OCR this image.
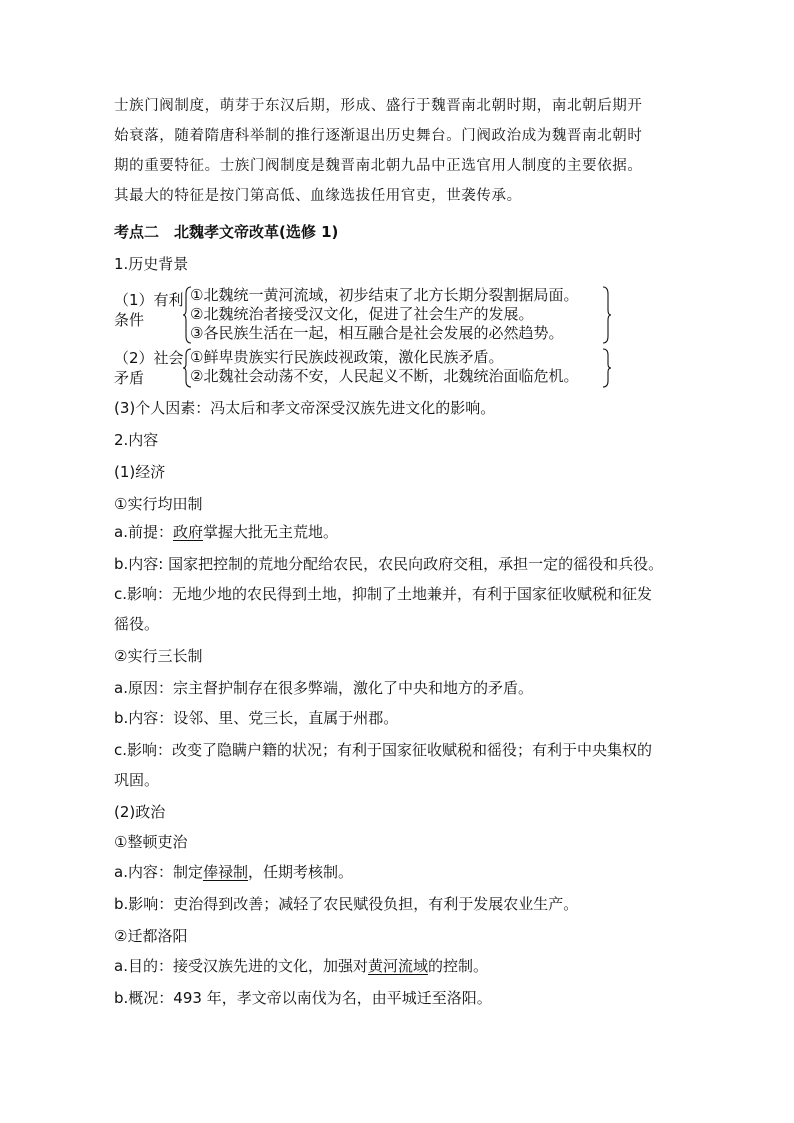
士族门阀制度，萌芽于东汉后期，形成、盛行于魏晋南北朝时期，南北朝后期开
始衰落，随着隋唐科举制的推行逐渐退出历史舞台。门阀政治成为魏晋南北朝时
期的重要特征。士族门阀制度是魏晋南北朝九品中正选官用人制度的主要依据。
其最大的特征是按门第高低、血缘选拔任用官吏，世袭传承。
考点二　北魏孝文帝改革(选修 1)
1.历史背景
（1）有利
条件
①北魏统一黄河流域，初步结束了北方长期分裂割据局面。
②北魏统治者接受汉文化，促进了社会生产的发展。
③各民族生活在一起，相互融合是社会发展的必然趋势。
（2）社会
矛盾
①鲜卑贵族实行民族歧视政策，激化民族矛盾。
②北魏社会动荡不安，人民起义不断，北魏统治面临危机。
(3)个人因素：冯太后和孝文帝深受汉族先进文化的影响。
2.内容
(1)经济
①实行均田制
a.前提：政府掌握大批无主荒地。
b.内容: 国家把控制的荒地分配给农民，农民向政府交租，承担一定的徭役和兵役。
c.影响：无地少地的农民得到土地，抑制了土地兼并，有利于国家征收赋税和征发
徭役。
②实行三长制
a.原因：宗主督护制存在很多弊端，激化了中央和地方的矛盾。
b.内容：设邻、里、党三长，直属于州郡。
c.影响：改变了隐瞒户籍的状况；有利于国家征收赋税和徭役；有利于中央集权的
巩固。
(2)政治
①整顿吏治
a.内容：制定俸禄制，任期考核制。
b.影响：吏治得到改善；减轻了农民赋役负担，有利于发展农业生产。
②迁都洛阳
a.目的：接受汉族先进的文化，加强对黄河流域的控制。
b.概况：493 年，孝文帝以南伐为名，由平城迁至洛阳。
